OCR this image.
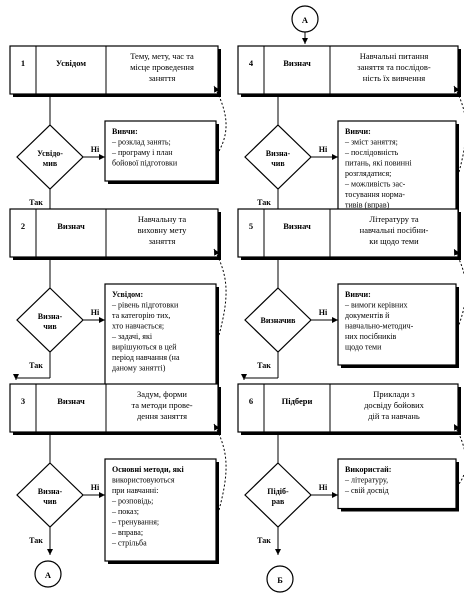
1	Усвідом
Тему, мету, час та
місце проведення
заняття
Усвідо-
мив
Ні
Вивчи:
– розклад занять;
– програму і план
бойової підготовки
Так
2	Визнач
Навчальну та
виховну мету
заняття
Визна-
чив
Ні
Усвідом:
– рівень підготовки
та категорію тих,
хто навчається;
– задачі, які
вирішуються в цей
період навчання (на
даному занятті)
Так
3	Визнач
Задум, форми
та методи прове-
дення заняття
Визна-
чив
Ні
Основні методи, які
використовуються
при навчанні:
– розповідь;
– показ;
– тренування;
– вправа;
– стрільба
Так
4	Визнач
Навчальні питання
заняття та послідов-
ність їх вивчення
Визна-
чив
Ні
Вивчи:
– зміст заняття;
– послідовність
питань, які повинні
розглядатися;
– можливість зас-
тосування норма-
тивів (вправ)
Так
5	Визнач
Літературу та
навчальні посібни-
ки щодо теми
Визначив
Ні
Вивчи:
– вимоги керівних
документів й
навчально-методич-
них посібників
щодо теми
Так
6	Підбери
Приклади з
досвіду бойових
дій та навчань
Підіб-
рав
Ні
Використай:
– літературу,
– свій досвід
Так
А
А	Б
